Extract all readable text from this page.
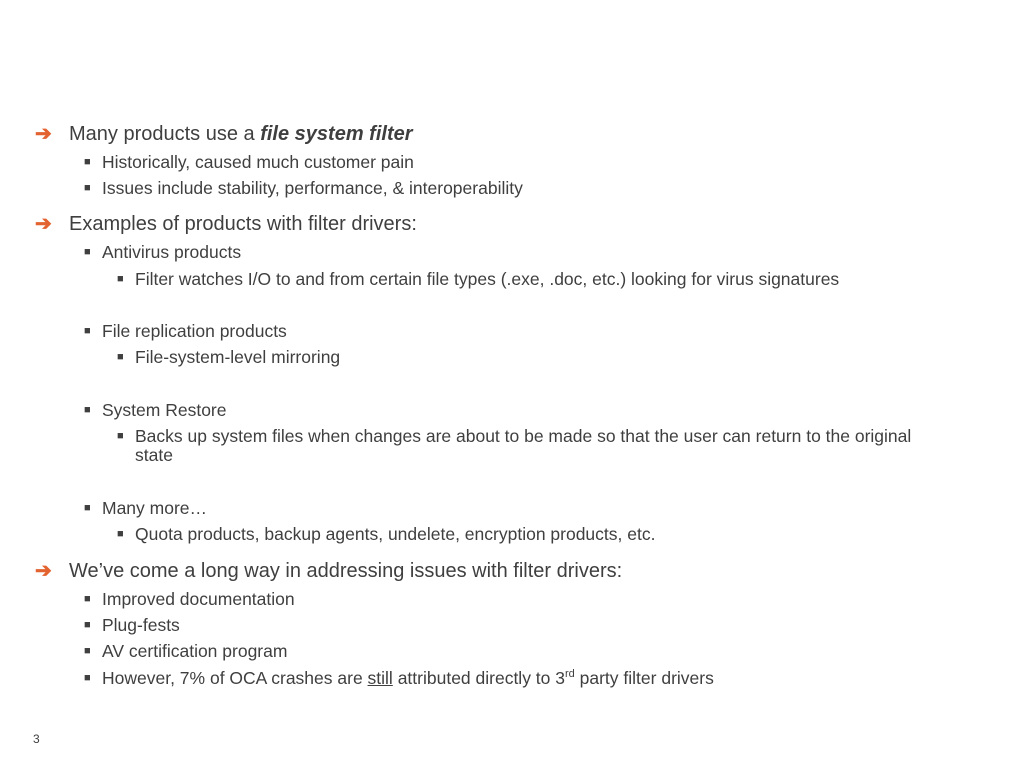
➔ Many products use a file system filter
■ Historically, caused much customer pain
■ Issues include stability, performance, & interoperability
➔ Examples of products with filter drivers:
■ Antivirus products
■ Filter watches I/O to and from certain file types (.exe, .doc, etc.) looking for virus signatures
■ File replication products
■ File-system-level mirroring
■ System Restore
■ Backs up system files when changes are about to be made so that the user can return to the original state
■ Many more…
■ Quota products, backup agents, undelete, encryption products, etc.
➔ We’ve come a long way in addressing issues with filter drivers:
■ Improved documentation
■ Plug-fests
■ AV certification program
■ However, 7% of OCA crashes are still attributed directly to 3rd party filter drivers
3
